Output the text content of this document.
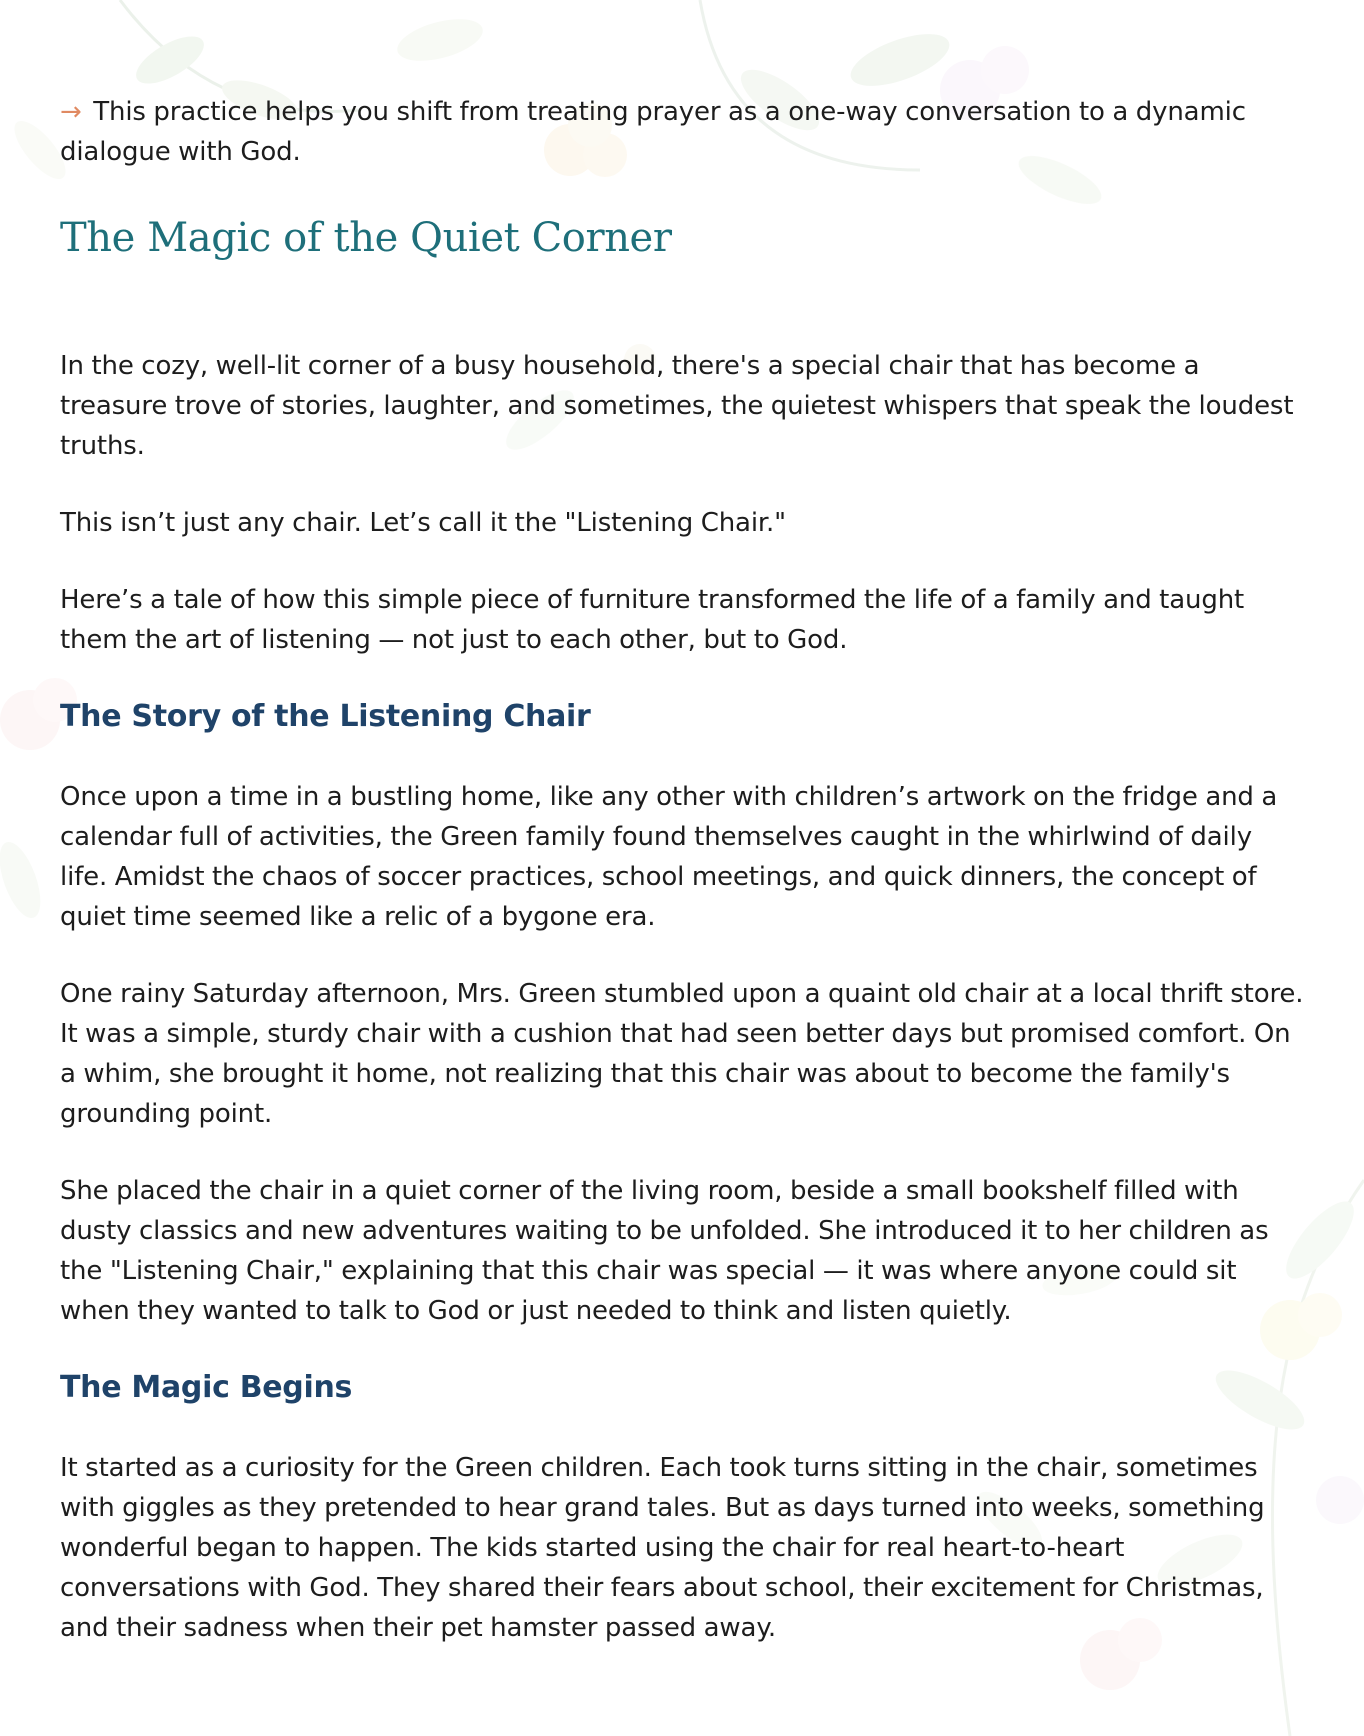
→ This practice helps you shift from treating prayer as a one-way conversation to a dynamic dialogue with God.

The Magic of the Quiet Corner

In the cozy, well-lit corner of a busy household, there's a special chair that has become a treasure trove of stories, laughter, and sometimes, the quietest whispers that speak the loudest truths.

This isn’t just any chair. Let’s call it the "Listening Chair."

Here’s a tale of how this simple piece of furniture transformed the life of a family and taught them the art of listening — not just to each other, but to God.

The Story of the Listening Chair

Once upon a time in a bustling home, like any other with children’s artwork on the fridge and a calendar full of activities, the Green family found themselves caught in the whirlwind of daily life. Amidst the chaos of soccer practices, school meetings, and quick dinners, the concept of quiet time seemed like a relic of a bygone era.

One rainy Saturday afternoon, Mrs. Green stumbled upon a quaint old chair at a local thrift store. It was a simple, sturdy chair with a cushion that had seen better days but promised comfort. On a whim, she brought it home, not realizing that this chair was about to become the family's grounding point.

She placed the chair in a quiet corner of the living room, beside a small bookshelf filled with dusty classics and new adventures waiting to be unfolded. She introduced it to her children as the "Listening Chair," explaining that this chair was special — it was where anyone could sit when they wanted to talk to God or just needed to think and listen quietly.

The Magic Begins

It started as a curiosity for the Green children. Each took turns sitting in the chair, sometimes with giggles as they pretended to hear grand tales. But as days turned into weeks, something wonderful began to happen. The kids started using the chair for real heart-to-heart conversations with God. They shared their fears about school, their excitement for Christmas, and their sadness when their pet hamster passed away.
